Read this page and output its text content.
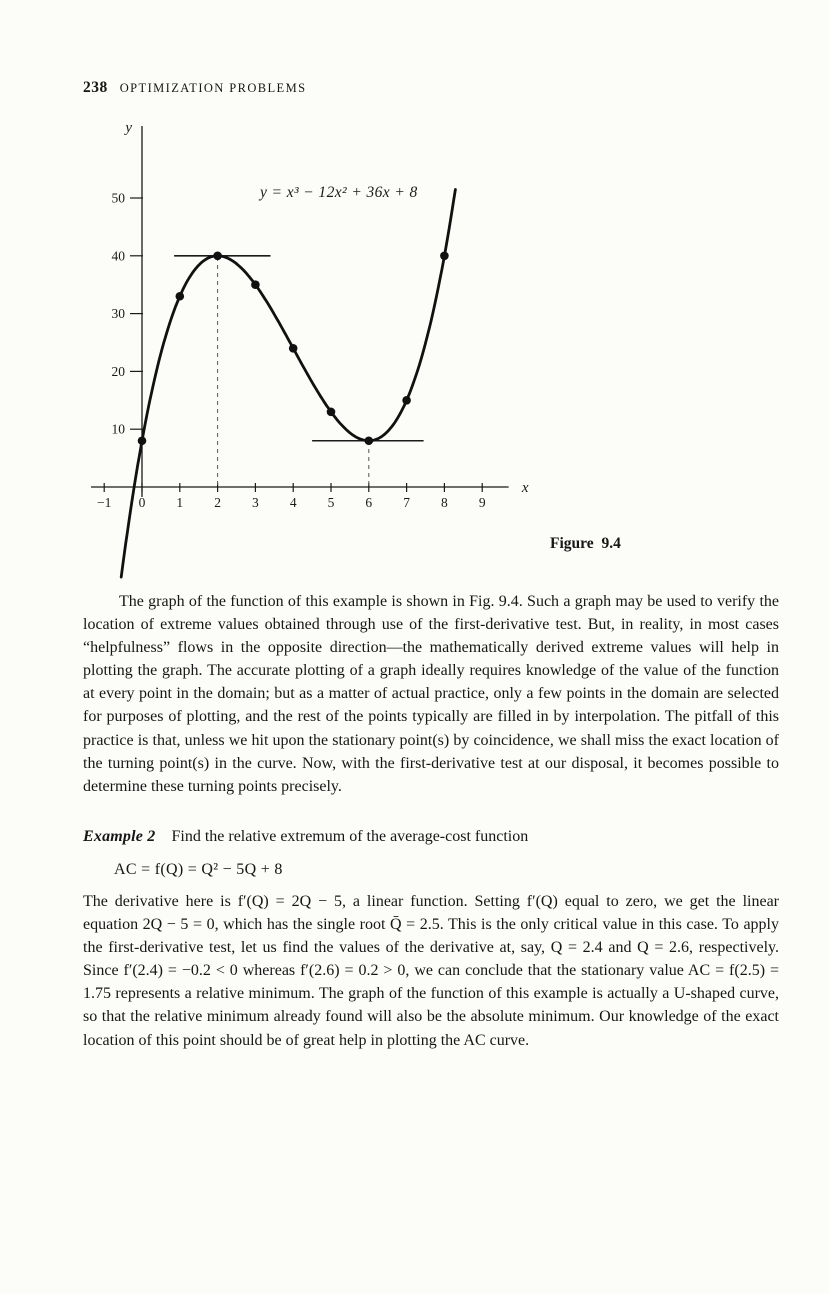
238 OPTIMIZATION PROBLEMS
y
x
−1 0 1 2 3 4 5 6 7 8 9
10
20
30
40
50	y = x³ − 12x² + 36x + 8
Figure 9.4

The graph of the function of this example is shown in Fig. 9.4. Such a graph may be used to verify the location of extreme values obtained through use of the first-derivative test. But, in reality, in most cases “helpfulness” flows in the opposite direction—the mathematically derived extreme values will help in plotting the graph. The accurate plotting of a graph ideally requires knowledge of the value of the function at every point in the domain; but as a matter of actual practice, only a few points in the domain are selected for purposes of plotting, and the rest of the points typically are filled in by interpolation. The pitfall of this practice is that, unless we hit upon the stationary point(s) by coincidence, we shall miss the exact location of the turning point(s) in the curve. Now, with the first-derivative test at our disposal, it becomes possible to determine these turning points precisely.

Example 2 Find the relative extremum of the average-cost function
AC = f(Q) = Q² − 5Q + 8

The derivative here is f′(Q) = 2Q − 5, a linear function. Setting f′(Q) equal to zero, we get the linear equation 2Q − 5 = 0, which has the single root Q̄ = 2.5. This is the only critical value in this case. To apply the first-derivative test, let us find the values of the derivative at, say, Q = 2.4 and Q = 2.6, respectively. Since f′(2.4) = −0.2 < 0 whereas f′(2.6) = 0.2 > 0, we can conclude that the stationary value AC = f(2.5) = 1.75 represents a relative minimum. The graph of the function of this example is actually a U-shaped curve, so that the relative minimum already found will also be the absolute minimum. Our knowledge of the exact location of this point should be of great help in plotting the AC curve.
